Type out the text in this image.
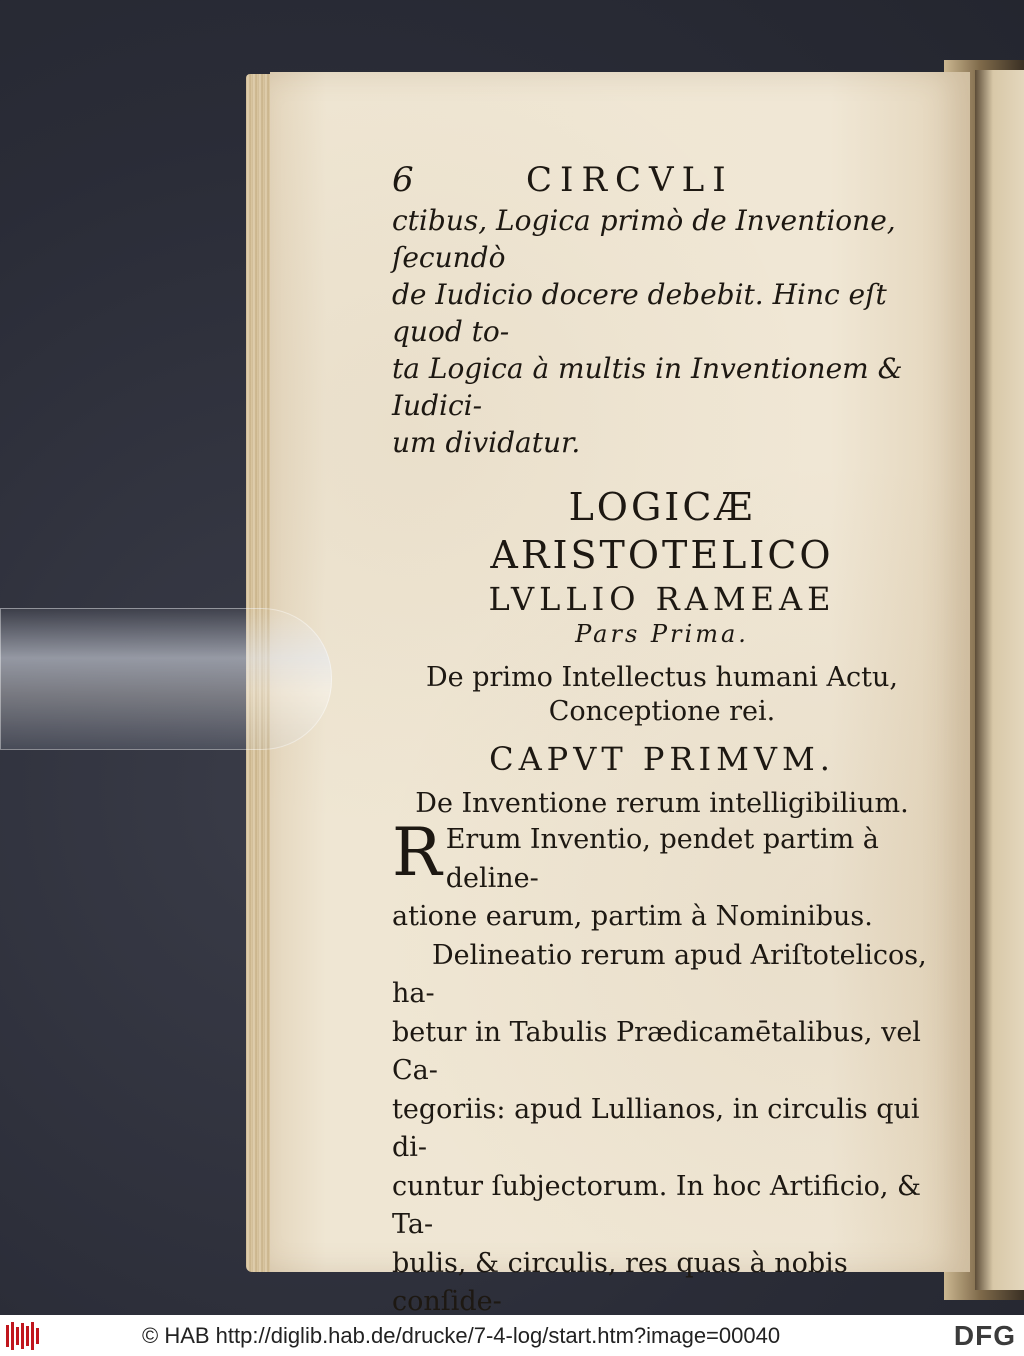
6	CIRCVLI
ctibus, Logica primò de Inventione, ſecundò
de Iudicio docere debebit. Hinc eſt quod to-
ta Logica à multis in Inventionem & Iudici-
um dividatur.
LOGICÆ ARISTOTELICO
LVLLIO RAMEAE
Pars Prima.
De primo Intellectus humani Actu,
Conceptione rei.
CAPVT PRIMVM.
De Inventione rerum intelligibilium.
R Erum Inventio, pendet partim à deline-

atione earum, partim à Nominibus.

Delineatio rerum apud Ariſtotelicos, ha-

betur in Tabulis Prædicamētalibus, vel Ca-

tegoriis: apud Lullianos, in circulis qui di-

cuntur ſubjectorum. In hoc Artificio, & Ta-

bulis, & circulis, res quas à nobis conſide-

© HAB http://diglib.hab.de/drucke/7-4-log/start.htm?image=00040	DFG
